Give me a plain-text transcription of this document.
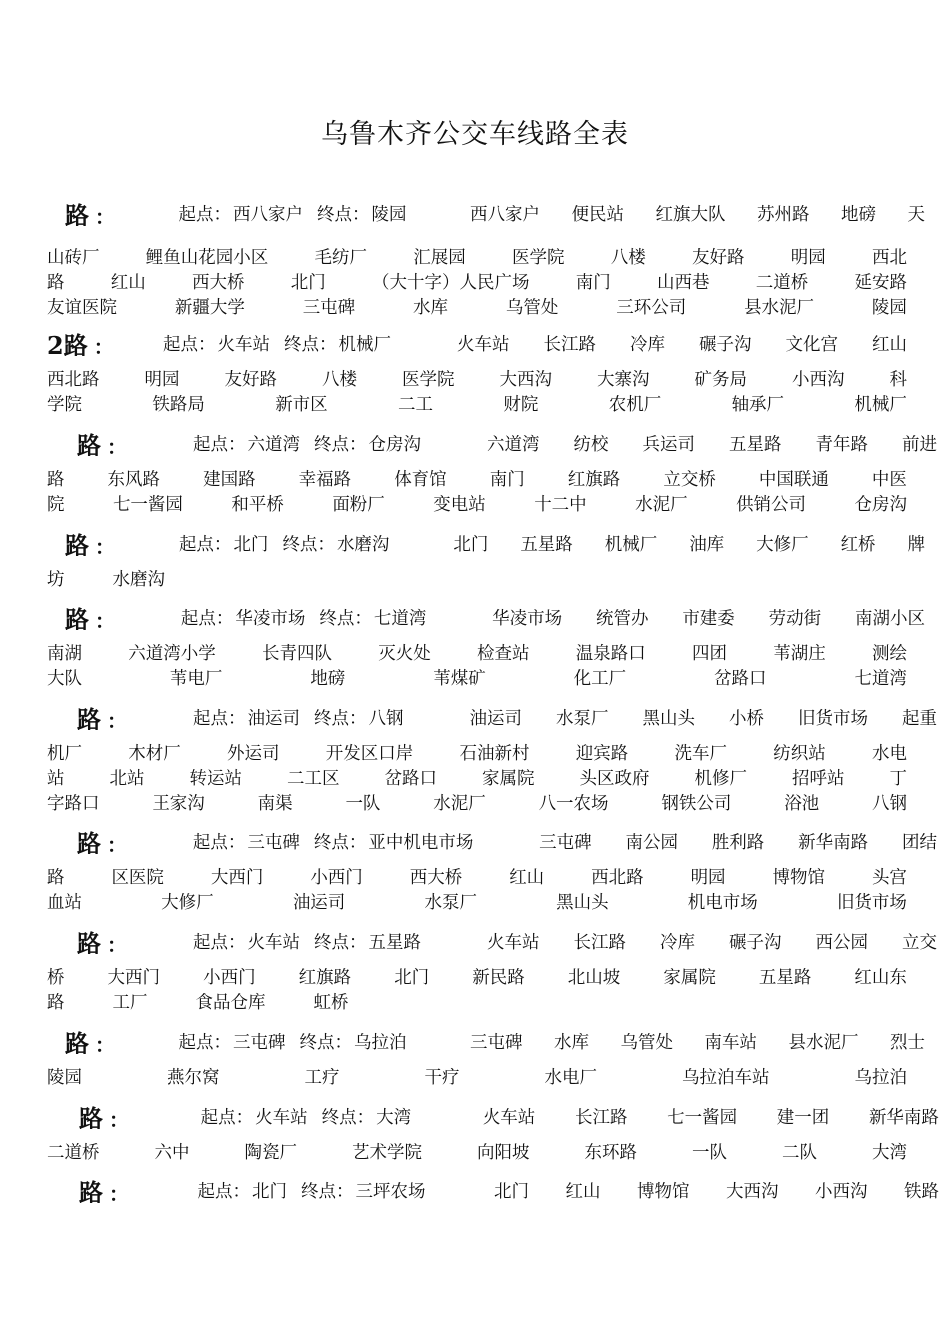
乌鲁木齐公交车线路全表
路 ：	起点： 西八家户 终点： 陵园	西八家户 便民站 红旗大队 苏州路 地磅 天
山砖厂	鲤鱼山花园小区	毛纺厂	汇展园	医学院	八楼	友好路	明园	西北
路	红山	西大桥	北门	（大十字）人民广场	南门	山西巷	二道桥	延安路
友谊医院	新疆大学	三屯碑	水库	乌管处	三环公司	县水泥厂	陵园
2路 ：	起点： 火车站 终点： 机械厂	火车站 长江路 冷库 碾子沟 文化宫 红山
西北路	明园	友好路	八楼	医学院	大西沟	大寨沟	矿务局	小西沟	科
学院	铁路局	新市区	二工	财院	农机厂	轴承厂	机械厂
路 ：	起点： 六道湾 终点： 仓房沟	六道湾 纺校 兵运司 五星路 青年路 前进
路 东风路 建国路 幸福路 体育馆 南门 红旗路 立交桥 中国联通 中医
院	七一酱园	和平桥	面粉厂	变电站	十二中	水泥厂	供销公司	仓房沟
路 ：	起点： 北门 终点： 水磨沟	北门 五星路 机械厂 油库 大修厂 红桥 牌
坊	水磨沟
路 ：	起点： 华凌市场 终点： 七道湾	华凌市场 统管办 市建委 劳动街 南湖小区
南湖	六道湾小学	长青四队	灭火处	检查站	温泉路口	四团	苇湖庄	测绘
大队	苇电厂	地磅	苇煤矿	化工厂	岔路口	七道湾
路 ：	起点： 油运司 终点： 八钢	油运司 水泵厂 黑山头 小桥 旧货市场 起重
机厂	木材厂	外运司	开发区口岸	石油新村	迎宾路	洗车厂	纺织站	水电
站	北站	转运站	二工区	岔路口	家属院	头区政府	机修厂	招呼站	丁
字路口	王家沟	南渠	一队	水泥厂	八一农场	钢铁公司	浴池	八钢
路 ：	起点： 三屯碑 终点： 亚中机电市场	三屯碑 南公园 胜利路 新华南路 团结
路	区医院	大西门	小西门	西大桥	红山	西北路	明园	博物馆	头宫
血站	大修厂	油运司	水泵厂	黑山头	机电市场	旧货市场
路 ：	起点： 火车站 终点： 五星路	火车站 长江路 冷库 碾子沟 西公园 立交
桥 大西门 小西门 红旗路 北门 新民路 北山坡 家属院 五星路 红山东
路	工厂	食品仓库	虹桥
路 ：	起点： 三屯碑 终点： 乌拉泊	三屯碑 水库 乌管处 南车站 县水泥厂 烈士
陵园	燕尔窝	工疗	干疗	水电厂	乌拉泊车站	乌拉泊
路 ：	起点： 火车站 终点： 大湾	火车站 长江路 七一酱园 建一团 新华南路
二道桥	六中	陶瓷厂	艺术学院	向阳坡	东环路	一队	二队	大湾
路 ：	起点： 北门 终点： 三坪农场	北门 红山 博物馆 大西沟 小西沟 铁路
